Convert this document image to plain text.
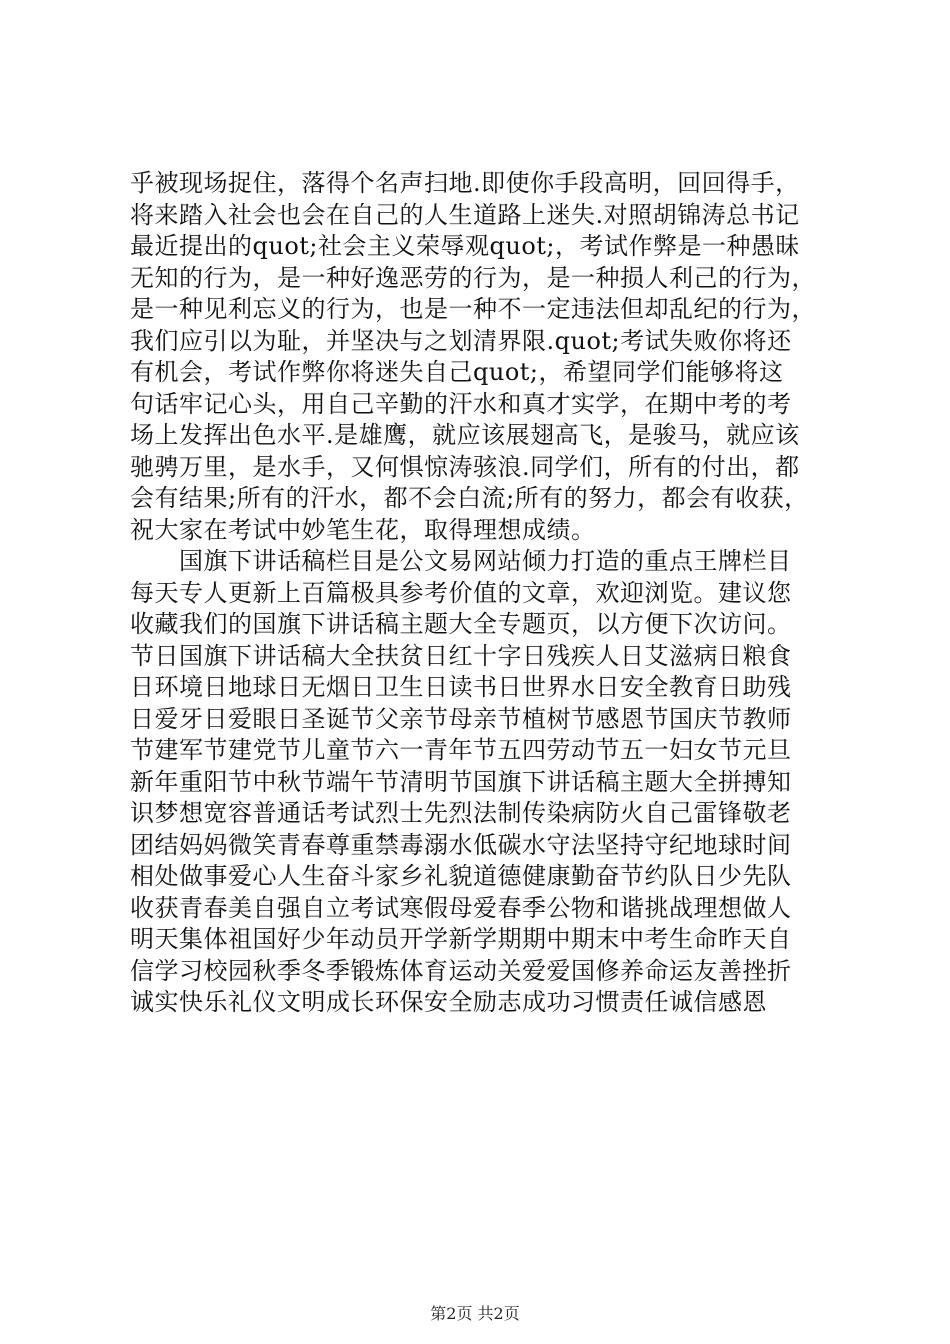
乎被现场捉住，落得个名声扫地.即使你手段高明，回回得手，
将来踏入社会也会在自己的人生道路上迷失.对照胡锦涛总书记
最近提出的quot;社会主义荣辱观quot;，考试作弊是一种愚昧
无知的行为，是一种好逸恶劳的行为，是一种损人利己的行为，
是一种见利忘义的行为，也是一种不一定违法但却乱纪的行为，
我们应引以为耻，并坚决与之划清界限.quot;考试失败你将还
有机会，考试作弊你将迷失自己quot;，希望同学们能够将这
句话牢记心头，用自己辛勤的汗水和真才实学，在期中考的考
场上发挥出色水平.是雄鹰，就应该展翅高飞，是骏马，就应该
驰骋万里，是水手，又何惧惊涛骇浪.同学们，所有的付出，都
会有结果;所有的汗水，都不会白流;所有的努力，都会有收获，
祝大家在考试中妙笔生花，取得理想成绩。
　　国旗下讲话稿栏目是公文易网站倾力打造的重点王牌栏目
每天专人更新上百篇极具参考价值的文章，欢迎浏览。建议您
收藏我们的国旗下讲话稿主题大全专题页，以方便下次访问。
节日国旗下讲话稿大全扶贫日红十字日残疾人日艾滋病日粮食
日环境日地球日无烟日卫生日读书日世界水日安全教育日助残
日爱牙日爱眼日圣诞节父亲节母亲节植树节感恩节国庆节教师
节建军节建党节儿童节六一青年节五四劳动节五一妇女节元旦
新年重阳节中秋节端午节清明节国旗下讲话稿主题大全拼搏知
识梦想宽容普通话考试烈士先烈法制传染病防火自己雷锋敬老
团结妈妈微笑青春尊重禁毒溺水低碳水守法坚持守纪地球时间
相处做事爱心人生奋斗家乡礼貌道德健康勤奋节约队日少先队
收获青春美自强自立考试寒假母爱春季公物和谐挑战理想做人
明天集体祖国好少年动员开学新学期期中期末中考生命昨天自
信学习校园秋季冬季锻炼体育运动关爱爱国修养命运友善挫折
诚实快乐礼仪文明成长环保安全励志成功习惯责任诚信感恩
第2页 共2页
